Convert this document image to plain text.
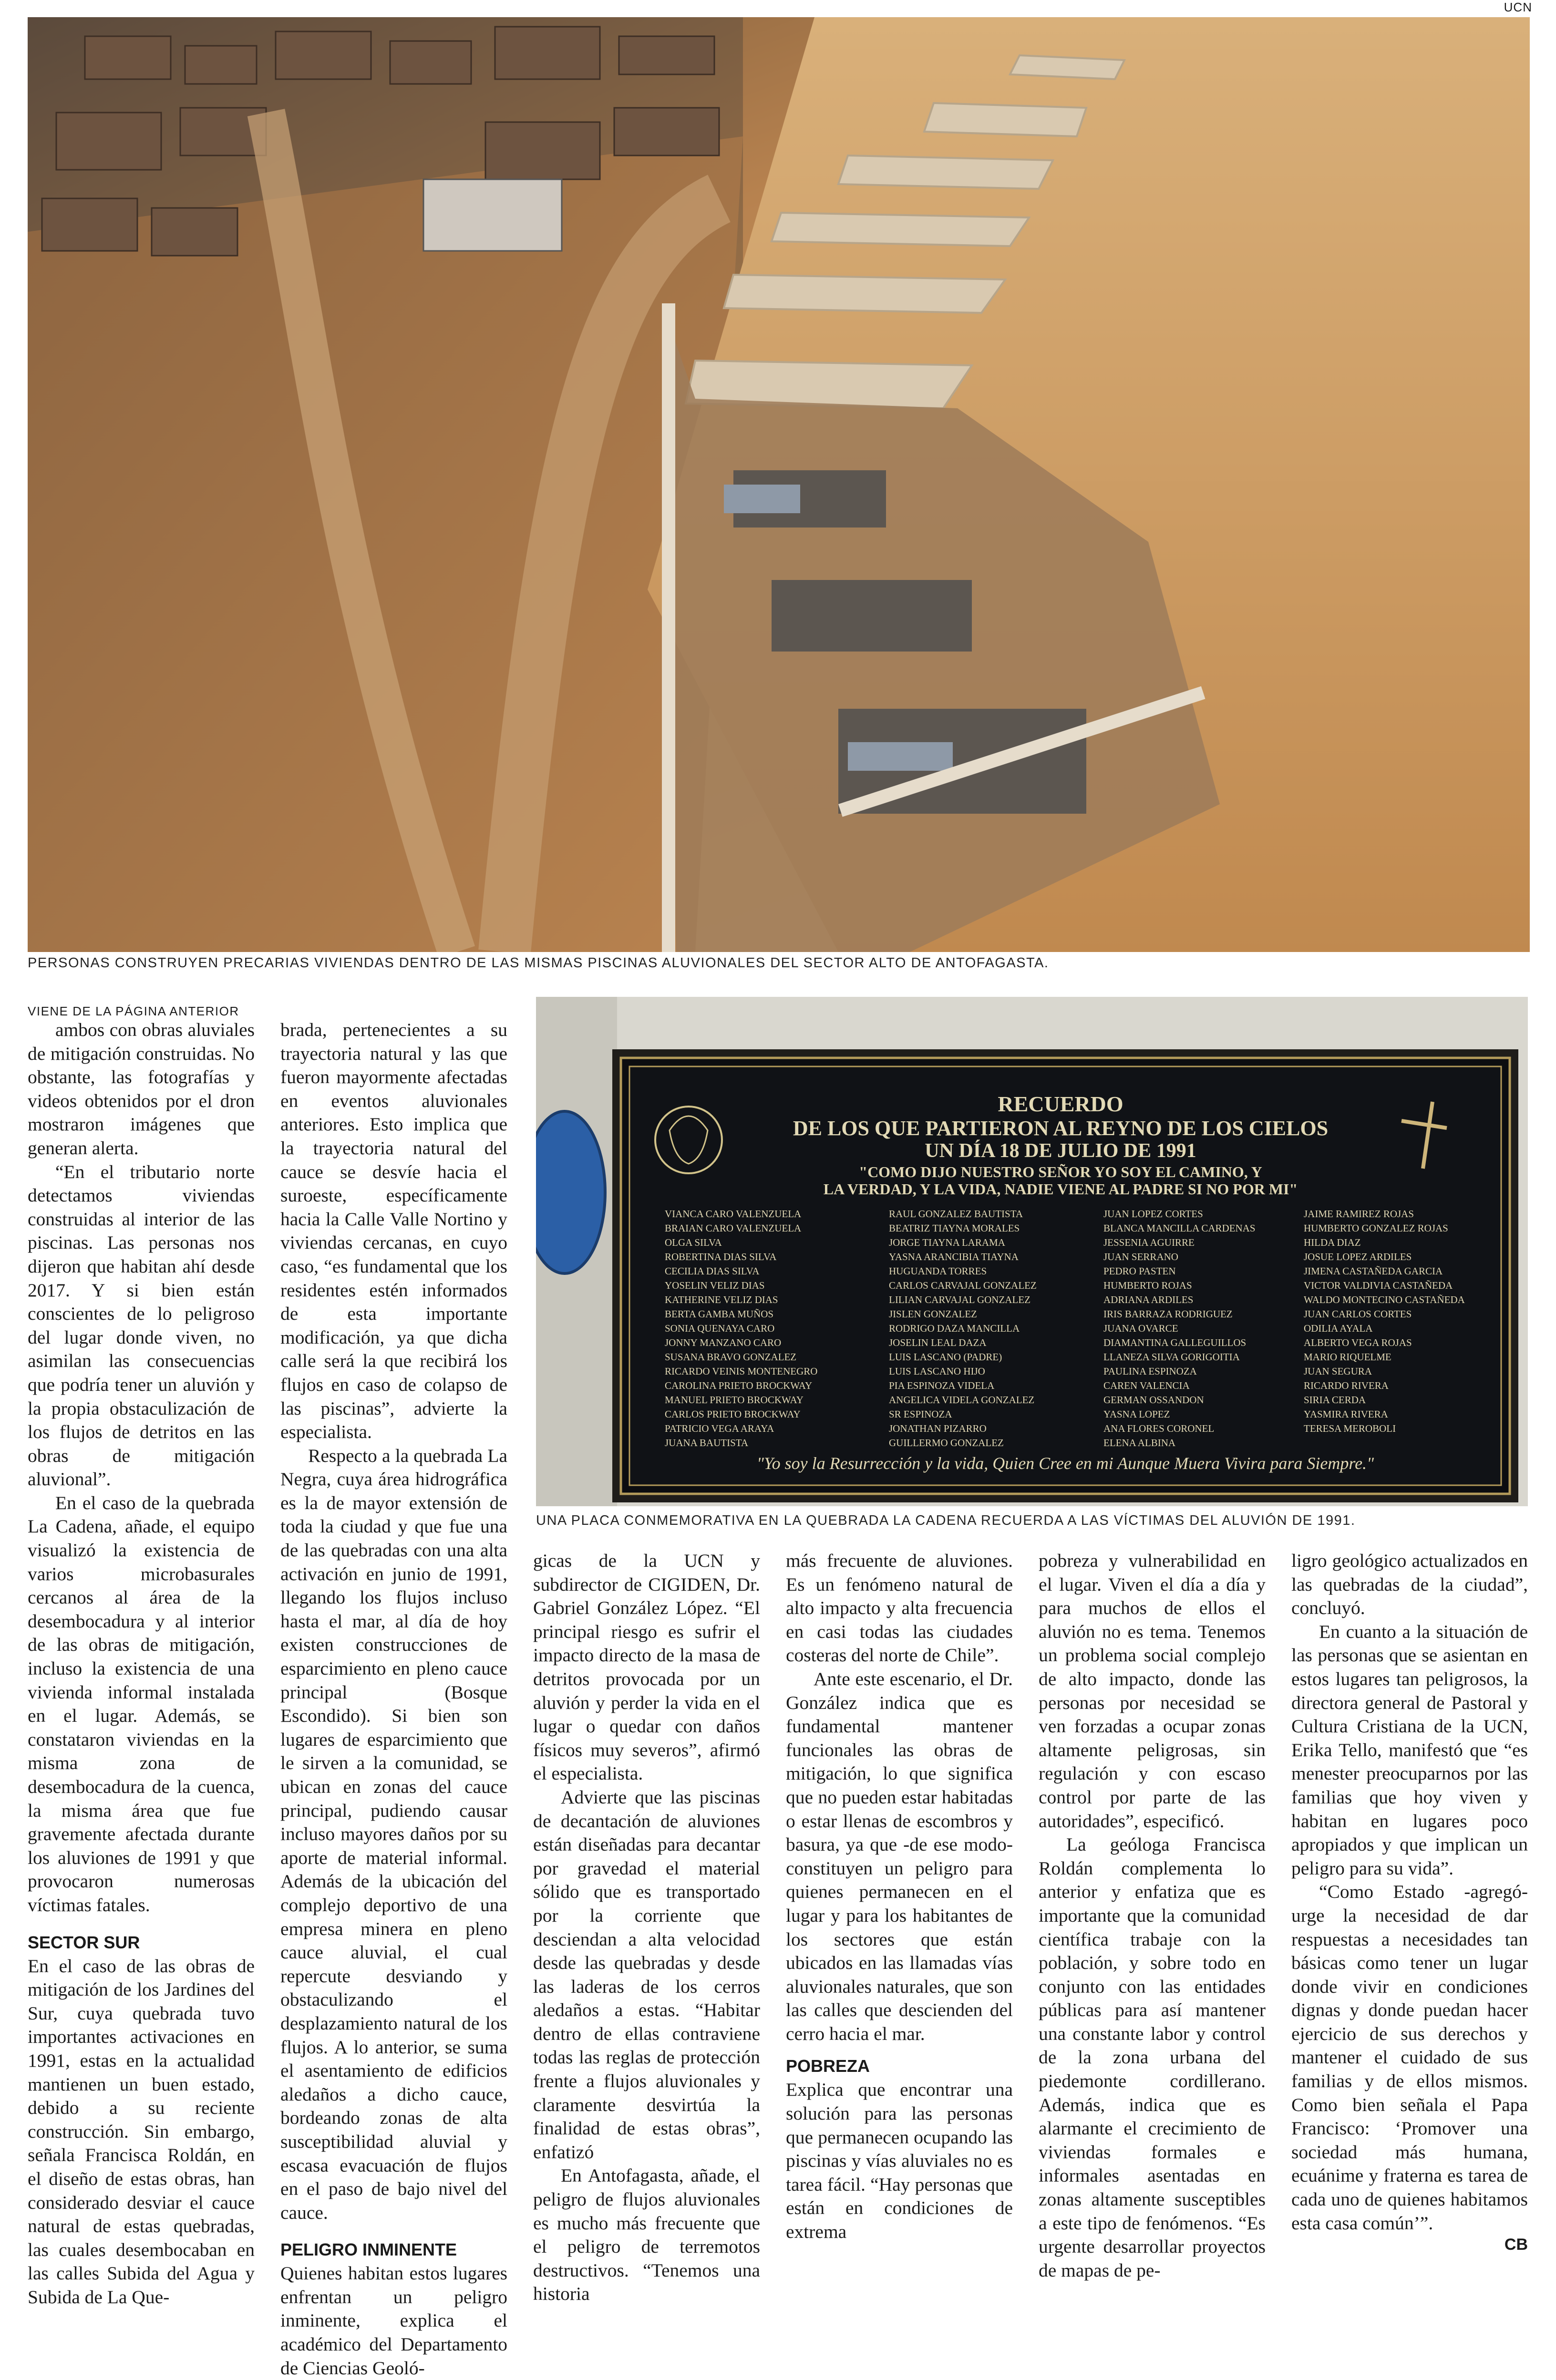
UCN
PERSONAS CONSTRUYEN PRECARIAS VIVIENDAS DENTRO DE LAS MISMAS PISCINAS ALUVIONALES DEL SECTOR ALTO DE ANTOFAGASTA.
VIENE DE LA PÁGINA ANTERIOR
RECUERDO
DE LOS QUE PARTIERON AL REYNO DE LOS CIELOS
UN DÍA 18 DE JULIO DE 1991
"COMO DIJO NUESTRO SEÑOR YO SOY EL CAMINO, Y
LA VERDAD, Y LA VIDA, NADIE VIENE AL PADRE SI NO POR MI"
VIANCA CARO VALENZUELA
BRAIAN CARO VALENZUELA
OLGA SILVA
ROBERTINA DIAS SILVA
CECILIA DIAS SILVA
YOSELIN VELIZ DIAS
KATHERINE VELIZ DIAS
BERTA GAMBA MUÑOS
SONIA QUENAYA CARO
JONNY MANZANO CARO
SUSANA BRAVO GONZALEZ
RICARDO VEINIS MONTENEGRO
CAROLINA PRIETO BROCKWAY
MANUEL PRIETO BROCKWAY
CARLOS PRIETO BROCKWAY
PATRICIO VEGA ARAYA
JUANA BAUTISTA
RAUL GONZALEZ BAUTISTA
BEATRIZ TIAYNA MORALES
JORGE TIAYNA LARAMA
YASNA ARANCIBIA TIAYNA
HUGUANDA TORRES
CARLOS CARVAJAL GONZALEZ
LILIAN CARVAJAL GONZALEZ
JISLEN GONZALEZ
RODRIGO DAZA MANCILLA
JOSELIN LEAL DAZA
LUIS LASCANO (PADRE)
LUIS LASCANO HIJO
PIA ESPINOZA VIDELA
ANGELICA VIDELA GONZALEZ
SR ESPINOZA
JONATHAN PIZARRO
GUILLERMO GONZALEZ
JUAN LOPEZ CORTES
BLANCA MANCILLA CARDENAS
JESSENIA AGUIRRE
JUAN SERRANO
PEDRO PASTEN
HUMBERTO ROJAS
ADRIANA ARDILES
IRIS BARRAZA RODRIGUEZ
JUANA OVARCE
DIAMANTINA GALLEGUILLOS
LLANEZA SILVA GORIGOITIA
PAULINA ESPINOZA
CAREN VALENCIA
GERMAN OSSANDON
YASNA LOPEZ
ANA FLORES CORONEL
ELENA ALBINA
JAIME RAMIREZ ROJAS
HUMBERTO GONZALEZ ROJAS
HILDA DIAZ
JOSUE LOPEZ ARDILES
JIMENA CASTAÑEDA GARCIA
VICTOR VALDIVIA CASTAÑEDA
WALDO MONTECINO CASTAÑEDA
JUAN CARLOS CORTES
ODILIA AYALA
ALBERTO VEGA ROJAS
MARIO RIQUELME
JUAN SEGURA
RICARDO RIVERA
SIRIA CERDA
YASMIRA RIVERA
TERESA MEROBOLI
"Yo soy la Resurrección y la vida, Quien Cree en mi Aunque Muera Vivira para Siempre."
UNA PLACA CONMEMORATIVA EN LA QUEBRADA LA CADENA RECUERDA A LAS VÍCTIMAS DEL ALUVIÓN DE 1991.

ambos con obras aluviales de mitigación construidas. No obstante, las fotografías y videos obtenidos por el dron mostraron imágenes que generan alerta.

“En el tributario norte detectamos viviendas construidas al interior de las piscinas. Las personas nos dijeron que habitan ahí desde 2017. Y si bien están conscientes de lo peligroso del lugar donde viven, no asimilan las consecuencias que podría tener un aluvión y la propia obstaculización de los flujos de detritos en las obras de mitigación aluvional”.

En el caso de la quebrada La Cadena, añade, el equipo visualizó la existencia de varios microbasurales cercanos al área de la desembocadura y al interior de las obras de mitigación, incluso la existencia de una vivienda informal instalada en el lugar. Además, se constataron viviendas en la misma zona de desembocadura de la cuenca, la misma área que fue gravemente afectada durante los aluviones de 1991 y que provocaron numerosas víctimas fatales.

SECTOR SUR

En el caso de las obras de mitigación de los Jardines del Sur, cuya quebrada tuvo importantes activaciones en 1991, estas en la actualidad mantienen un buen estado, debido a su reciente construcción. Sin embargo, señala Francisca Roldán, en el diseño de estas obras, han considerado desviar el cauce natural de estas quebradas, las cuales desembocaban en las calles Subida del Agua y Subida de La Que-

brada, pertenecientes a su trayectoria natural y las que fueron mayormente afectadas en eventos aluvionales anteriores. Esto implica que la trayectoria natural del cauce se desvíe hacia el suroeste, específicamente hacia la Calle Valle Nortino y viviendas cercanas, en cuyo caso, “es fundamental que los residentes estén informados de esta importante modificación, ya que dicha calle será la que recibirá los flujos en caso de colapso de las piscinas”, advierte la especialista.

Respecto a la quebrada La Negra, cuya área hidrográfica es la de mayor extensión de toda la ciudad y que fue una de las quebradas con una alta activación en junio de 1991, llegando los flujos incluso hasta el mar, al día de hoy existen construcciones de esparcimiento en pleno cauce principal (Bosque Escondido). Si bien son lugares de esparcimiento que le sirven a la comunidad, se ubican en zonas del cauce principal, pudiendo causar incluso mayores daños por su aporte de material informal. Además de la ubicación del complejo deportivo de una empresa minera en pleno cauce aluvial, el cual repercute desviando y obstaculizando el desplazamiento natural de los flujos. A lo anterior, se suma el asentamiento de edificios aledaños a dicho cauce, bordeando zonas de alta susceptibilidad aluvial y escasa evacuación de flujos en el paso de bajo nivel del cauce.

PELIGRO INMINENTE

Quienes habitan estos lugares enfrentan un peligro inminente, explica el académico del Departamento de Ciencias Geoló-

gicas de la UCN y subdirector de CIGIDEN, Dr. Gabriel González López. “El principal riesgo es sufrir el impacto directo de la masa de detritos provocada por un aluvión y perder la vida en el lugar o quedar con daños físicos muy severos”, afirmó el especialista.

Advierte que las piscinas de decantación de aluviones están diseñadas para decantar por gravedad el material sólido que es transportado por la corriente que desciendan a alta velocidad desde las quebradas y desde las laderas de los cerros aledaños a estas. “Habitar dentro de ellas contraviene todas las reglas de protección frente a flujos aluvionales y claramente desvirtúa la finalidad de estas obras”, enfatizó

En Antofagasta, añade, el peligro de flujos aluvionales es mucho más frecuente que el peligro de terremotos destructivos. “Tenemos una historia

más frecuente de aluviones. Es un fenómeno natural de alto impacto y alta frecuencia en casi todas las ciudades costeras del norte de Chile”.

Ante este escenario, el Dr. González indica que es fundamental mantener funcionales las obras de mitigación, lo que significa que no pueden estar habitadas o estar llenas de escombros y basura, ya que -de ese modo- constituyen un peligro para quienes permanecen en el lugar y para los habitantes de los sectores que están ubicados en las llamadas vías aluvionales naturales, que son las calles que descienden del cerro hacia el mar.

POBREZA

Explica que encontrar una solución para las personas que permanecen ocupando las piscinas y vías aluviales no es tarea fácil. “Hay personas que están en condiciones de extrema

pobreza y vulnerabilidad en el lugar. Viven el día a día y para muchos de ellos el aluvión no es tema. Tenemos un problema social complejo de alto impacto, donde las personas por necesidad se ven forzadas a ocupar zonas altamente peligrosas, sin regulación y con escaso control por parte de las autoridades”, especificó.

La geóloga Francisca Roldán complementa lo anterior y enfatiza que es importante que la comunidad científica trabaje con la población, y sobre todo en conjunto con las entidades públicas para así mantener una constante labor y control de la zona urbana del piedemonte cordillerano. Además, indica que es alarmante el crecimiento de viviendas formales e informales asentadas en zonas altamente susceptibles a este tipo de fenómenos. “Es urgente desarrollar proyectos de mapas de pe-

ligro geológico actualizados en las quebradas de la ciudad”, concluyó.

En cuanto a la situación de las personas que se asientan en estos lugares tan peligrosos, la directora general de Pastoral y Cultura Cristiana de la UCN, Erika Tello, manifestó que “es menester preocuparnos por las familias que hoy viven y habitan en lugares poco apropiados y que implican un peligro para su vida”.

“Como Estado -agregó- urge la necesidad de dar respuestas a necesidades tan básicas como tener un lugar donde vivir en condiciones dignas y donde puedan hacer ejercicio de sus derechos y mantener el cuidado de sus familias y de ellos mismos. Como bien señala el Papa Francisco: ‘Promover una sociedad más humana, ecuánime y fraterna es tarea de cada uno de quienes habitamos esta casa común’”.

CB
